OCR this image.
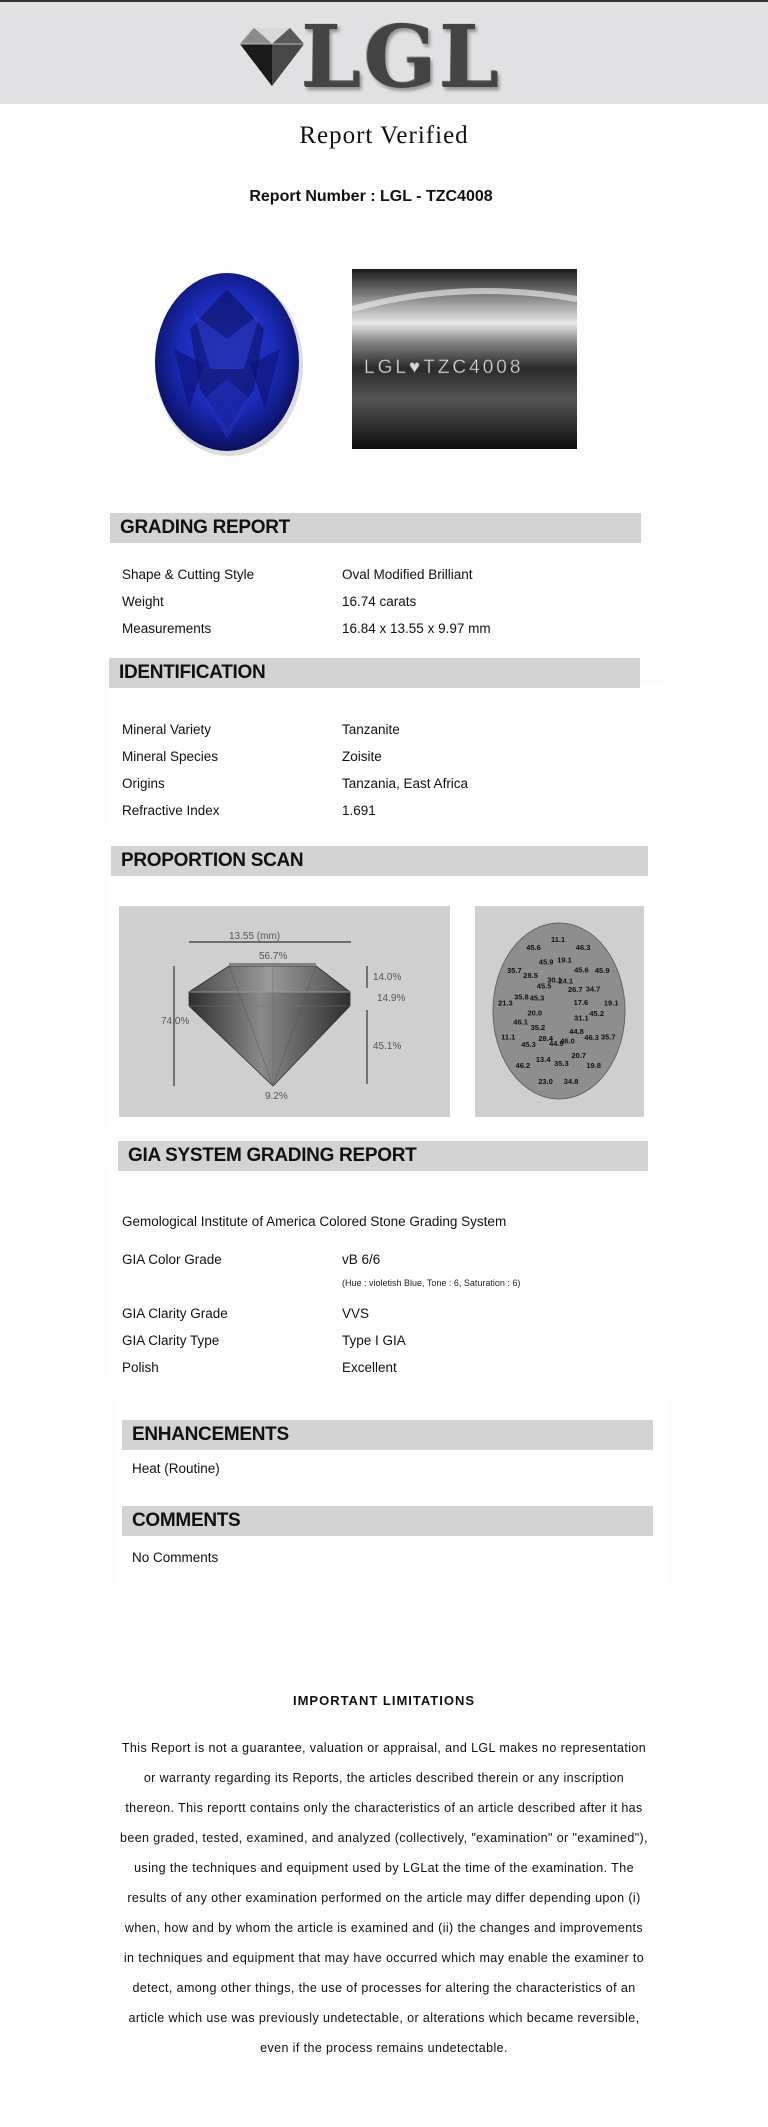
LGL
Report Verified
Report Number : LGL - TZC4008
LGL♥TZC4008
GRADING REPORT
Shape & Cutting Style	Oval Modified Brilliant
Weight	16.74 carats
Measurements	16.84 x 13.55 x 9.97 mm
IDENTIFICATION
Mineral Variety	Tanzanite
Mineral Species	Zoisite
Origins	Tanzania, East Africa
Refractive Index	1.691
PROPORTION SCAN
13.55 (mm)
56.7%
74.0%
14.0%
14.9%
45.1%
9.2%
11.1
19.1
24.1
46.3
45.6
26.7
45.9
34.7
17.6 19.1
45.2
31.1
35.7
46.3
44.8
19.8
20.7
46.0
34.8
35.3
44.9
23.0
13.4
28.4
46.2
45.3
35.2
11.1
46.1
20.0
21.3
35.8 45.3
35.7
28.5
45.5
45.6
45.9
30.1
GIA SYSTEM GRADING REPORT
Gemological Institute of America Colored Stone Grading System
GIA Color Grade	vB 6/6
(Hue : violetish Blue, Tone : 6, Saturation : 6)
GIA Clarity Grade	VVS
GIA Clarity Type	Type I GIA
Polish	Excellent
ENHANCEMENTS
Heat (Routine)
COMMENTS
No Comments
IMPORTANT LIMITATIONS
This Report is not a guarantee, valuation or appraisal, and LGL makes no representation or warranty regarding its Reports, the articles described therein or any inscription thereon. This reportt contains only the characteristics of an article described after it has been graded, tested, examined, and analyzed (collectively, "examination" or "examined"), using the techniques and equipment used by LGLat the time of the examination. The results of any other examination performed on the article may differ depending upon (i) when, how and by whom the article is examined and (ii) the changes and improvements in techniques and equipment that may have occurred which may enable the examiner to detect, among other things, the use of processes for altering the characteristics of an article which use was previously undetectable, or alterations which became reversible, even if the process remains undetectable.
